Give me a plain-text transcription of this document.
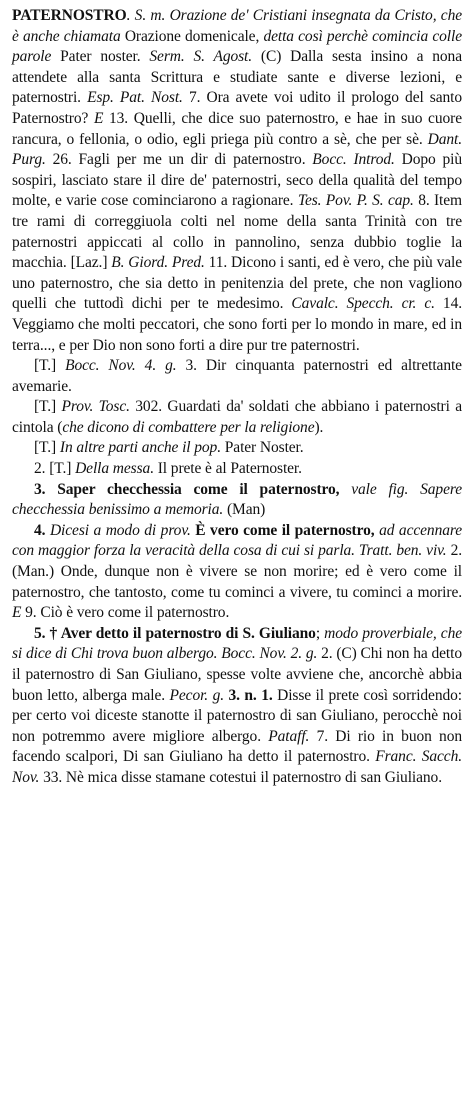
PATERNOSTRO. S. m. Orazione de' Cristiani insegnata da Cristo, che è anche chiamata Orazione domenicale, detta così perchè comincia colle parole Pater noster. Serm. S. Agost. (C) Dalla sesta insino a nona attendete alla santa Scrittura e studiate sante e diverse lezioni, e paternostri. Esp. Pat. Nost. 7. Ora avete voi udito il prologo del santo Paternostro? E 13. Quelli, che dice suo paternostro, e hae in suo cuore rancura, o fellonia, o odio, egli priega più contro a sè, che per sè. Dant. Purg. 26. Fagli per me un dir di paternostro. Bocc. Introd. Dopo più sospiri, lasciato stare il dire de' paternostri, seco della qualità del tempo molte, e varie cose cominciarono a ragionare. Tes. Pov. P. S. cap. 8. Item tre rami di correggiuola colti nel nome della santa Trinità con tre paternostri appiccati al collo in pannolino, senza dubbio toglie la macchia. [Laz.] B. Giord. Pred. 11. Dicono i santi, ed è vero, che più vale uno paternostro, che sia detto in penitenzia del prete, che non vagliono quelli che tuttodì dichi per te medesimo. Cavalc. Specch. cr. c. 14. Veggiamo che molti peccatori, che sono forti per lo mondo in mare, ed in terra..., e per Dio non sono forti a dire pur tre paternostri.

[T.] Bocc. Nov. 4. g. 3. Dir cinquanta paternostri ed altrettante avemarie.

[T.] Prov. Tosc. 302. Guardati da' soldati che abbiano i paternostri a cintola (che dicono di combattere per la religione).

[T.] In altre parti anche il pop. Pater Noster.

2. [T.] Della messa. Il prete è al Paternoster.

3. Saper checchessia come il paternostro, vale fig. Sapere checchessia benissimo a memoria. (Man)

4. Dicesi a modo di prov. È vero come il paternostro, ad accennare con maggior forza la veracità della cosa di cui si parla. Tratt. ben. viv. 2. (Man.) Onde, dunque non è vivere se non morire; ed è vero come il paternostro, che tantosto, come tu cominci a vivere, tu cominci a morire. E 9. Ciò è vero come il paternostro.

5. † Aver detto il paternostro di S. Giuliano; modo proverbiale, che si dice di Chi trova buon albergo. Bocc. Nov. 2. g. 2. (C) Chi non ha detto il paternostro di San Giuliano, spesse volte avviene che, ancorchè abbia buon letto, alberga male. Pecor. g. 3. n. 1. Disse il prete così sorridendo: per certo voi diceste stanotte il paternostro di san Giuliano, perocchè noi non potremmo avere migliore albergo. Pataff. 7. Di rio in buon non facendo scalpori, Di san Giuliano ha detto il paternostro. Franc. Sacch. Nov. 33. Nè mica disse stamane cotestui il paternostro di san Giuliano.
